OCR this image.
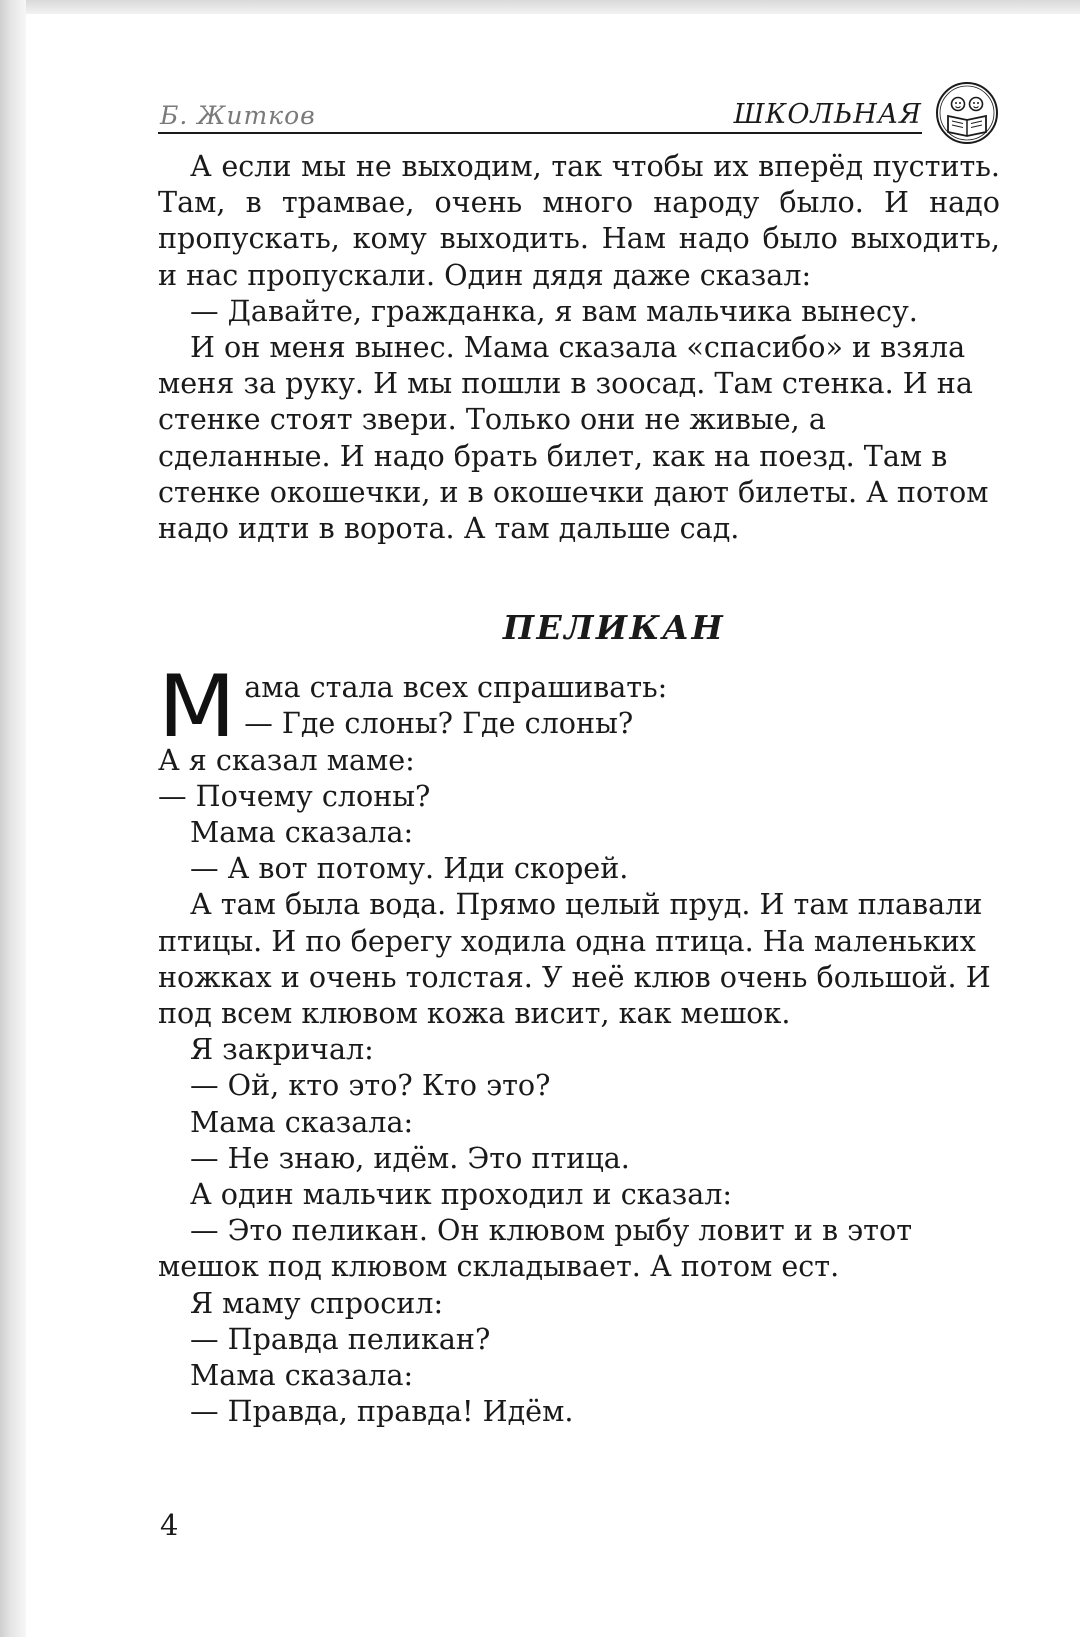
Б. Житков	ШКОЛЬНАЯ

А если мы не выходим, так чтобы их вперёд пустить. Там, в трамвае, очень много народу было. И надо пропускать, кому выходить. Нам надо было выходить, и нас пропускали. Один дядя даже сказал:

— Давайте, гражданка, я вам мальчика вынесу.

И он меня вынес. Мама сказала «спасибо» и взяла меня за руку. И мы пошли в зоосад. Там стенка. И на стенке стоят звери. Только они не живые, а сделанные. И надо брать билет, как на поезд. Там в стенке окошечки, и в окошечки дают билеты. А потом надо идти в ворота. А там дальше сад.

ПЕЛИКАН
М ама стала всех спрашивать:

— Где слоны? Где слоны?

А я сказал маме:

— Почему слоны?

Мама сказала:

— А вот потому. Иди скорей.

А там была вода. Прямо целый пруд. И там плавали птицы. И по берегу ходила одна птица. На маленьких ножках и очень толстая. У неё клюв очень большой. И под всем клювом кожа висит, как мешок.

Я закричал:

— Ой, кто это? Кто это?

Мама сказала:

— Не знаю, идём. Это птица.

А один мальчик проходил и сказал:

— Это пеликан. Он клювом рыбу ловит и в этот мешок под клювом складывает. А потом ест.

Я маму спросил:

— Правда пеликан?

Мама сказала:

— Правда, правда! Идём.

4
